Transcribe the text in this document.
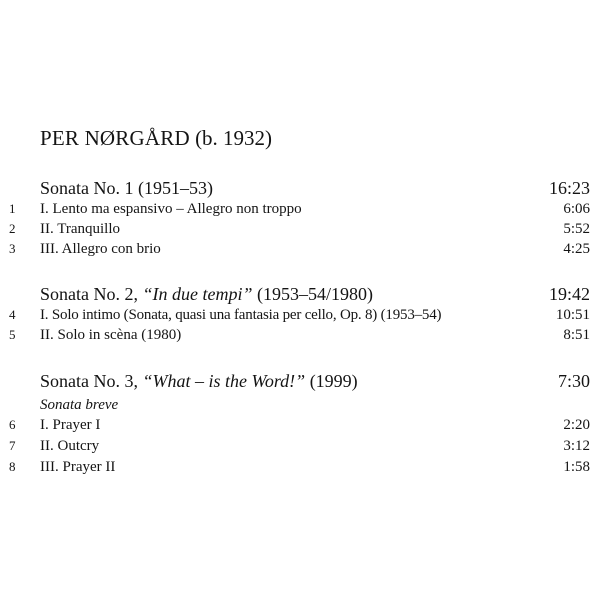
PER NØRGÅRD (b. 1932)
Sonata No. 1 (1951–53)	16:23
1 I. Lento ma espansivo – Allegro non troppo	6:06
2 II. Tranquillo	5:52
3 III. Allegro con brio	4:25
Sonata No. 2, “In due tempi” (1953–54/1980)	19:42
4 I. Solo intimo (Sonata, quasi una fantasia per cello, Op. 8) (1953–54)	10:51
5 II. Solo in scèna (1980)	8:51
Sonata No. 3, “What – is the Word!” (1999)	7:30
Sonata breve
6 I. Prayer I	2:20
7 II. Outcry	3:12
8 III. Prayer II	1:58
